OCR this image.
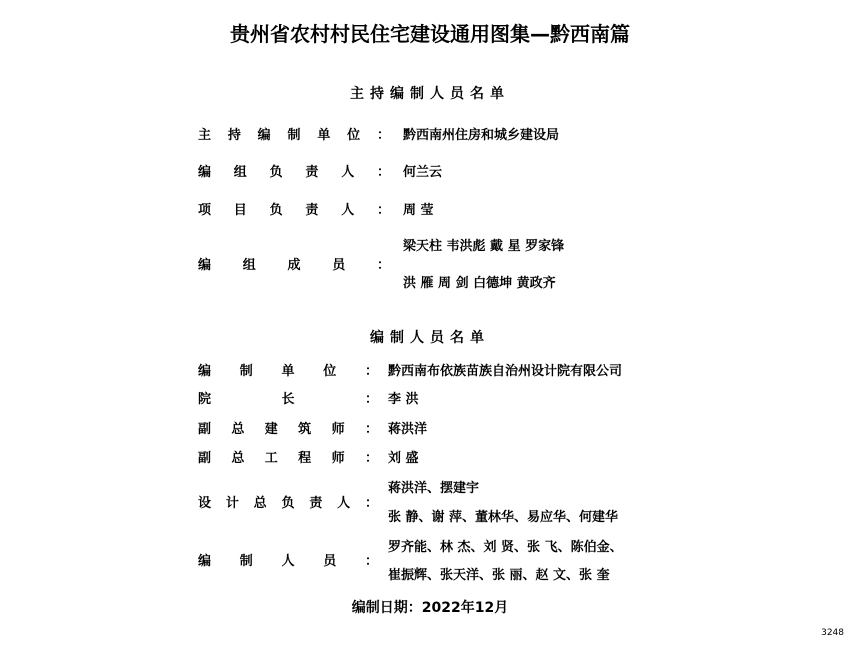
贵州省农村村民住宅建设通用图集—黔西南篇
主持编制人员名单
主 持 编 制 单 位 ： 黔西南州住房和城乡建设局
编 组 负 责 人 ： 何兰云
项 目 负 责 人 ： 周 莹
编 组 成 员 ：
梁天柱 韦洪彪 戴 星 罗家锋
洪 雁 周 剑 白德坤 黄政齐
编制人员名单
编 制 单 位 ： 黔西南布依族苗族自治州设计院有限公司
院	长	： 李 洪
副 总 建 筑 师 ： 蒋洪洋
副 总 工 程 师 ： 刘 盛
设 计 总 负 责 人 ：
蒋洪洋、摆建宇
张 静、谢 萍、董林华、易应华、何建华
编 制 人 员 ：
罗齐能、林 杰、刘 贤、张 飞、陈伯金、
崔振辉、张天洋、张 丽、赵 文、张 奎
编制日期：2022年12月
3248
